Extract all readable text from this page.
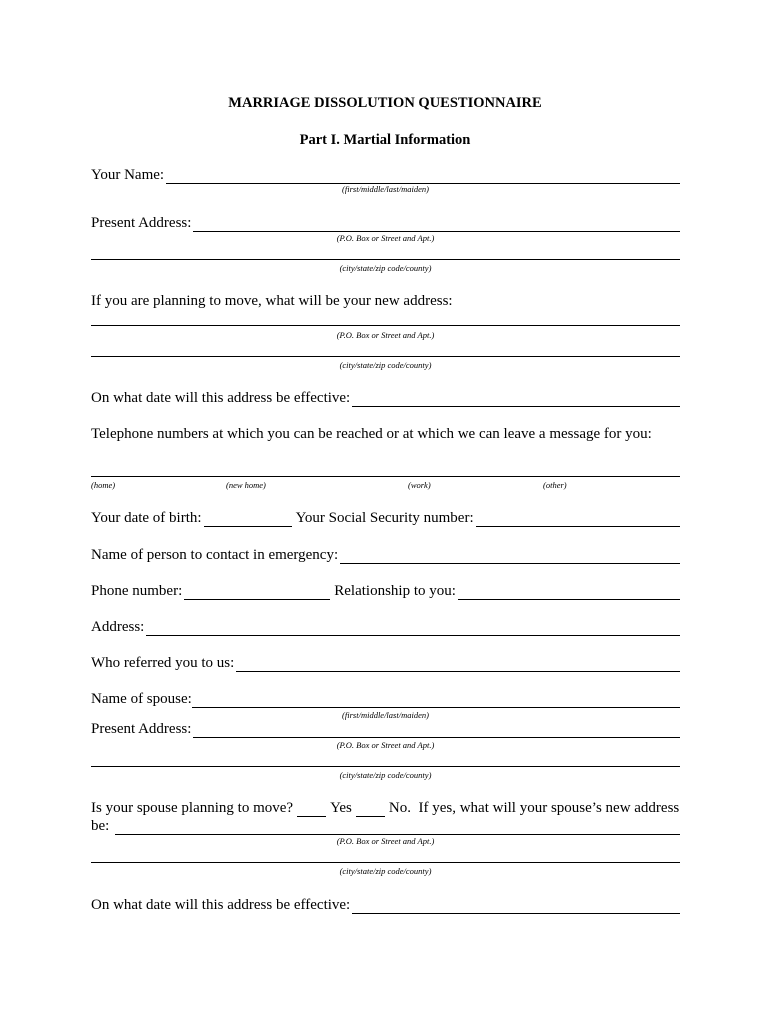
MARRIAGE DISSOLUTION QUESTIONNAIRE
Part I. Martial Information
Your Name:
(first/middle/last/maiden)
Present Address:
(P.O. Box or Street and Apt.)
(city/state/zip code/county)
If you are planning to move, what will be your new address:
(P.O. Box or Street and Apt.)
(city/state/zip code/county)
On what date will this address be effective:
Telephone numbers at which you can be reached or at which we can leave a message for you:
(home)	(new home)	(work)	(other)
Your date of birth:	Your Social Security number:
Name of person to contact in emergency:
Phone number:	Relationship to you:
Address:
Who referred you to us:
Name of spouse:
(first/middle/last/maiden)
Present Address:
(P.O. Box or Street and Apt.)
(city/state/zip code/county)
Is your spouse planning to move? Yes No.  If yes, what will your spouse’s new address
be:
(P.O. Box or Street and Apt.)
(city/state/zip code/county)
On what date will this address be effective:
